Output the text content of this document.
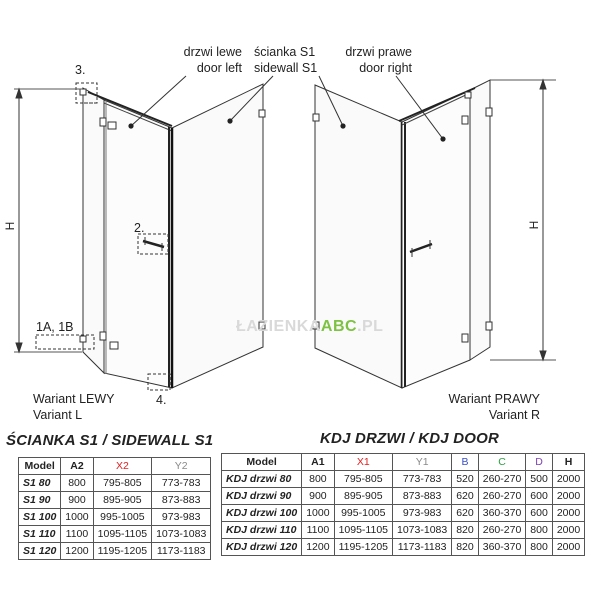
H	H
3.
2.
1A, 1B
4.
drzwi lewe
door left
ścianka S1
sidewall S1
drzwi prawe
door right
Wariant LEWY
Variant L
Wariant PRAWY
Variant R
ŁAZIENKAABC.PL
ŚCIANKA S1 / SIDEWALL S1
Model	A2	X2	Y2
S1 80	800	795-805	773-783
S1 90	900	895-905	873-883
S1 100	1000	995-1005	973-983
S1 110	1100	1095-1105	1073-1083
S1 120	1200	1195-1205	1173-1183
KDJ DRZWI / KDJ DOOR
Model	A1	X1	Y1	B	C	D	H
KDJ drzwi 80	800	795-805	773-783	520	260-270	500	2000
KDJ drzwi 90	900	895-905	873-883	620	260-270	600	2000
KDJ drzwi 100	1000	995-1005	973-983	620	360-370	600	2000
KDJ drzwi 110	1100	1095-1105	1073-1083	820	260-270	800	2000
KDJ drzwi 120	1200	1195-1205	1173-1183	820	360-370	800	2000
